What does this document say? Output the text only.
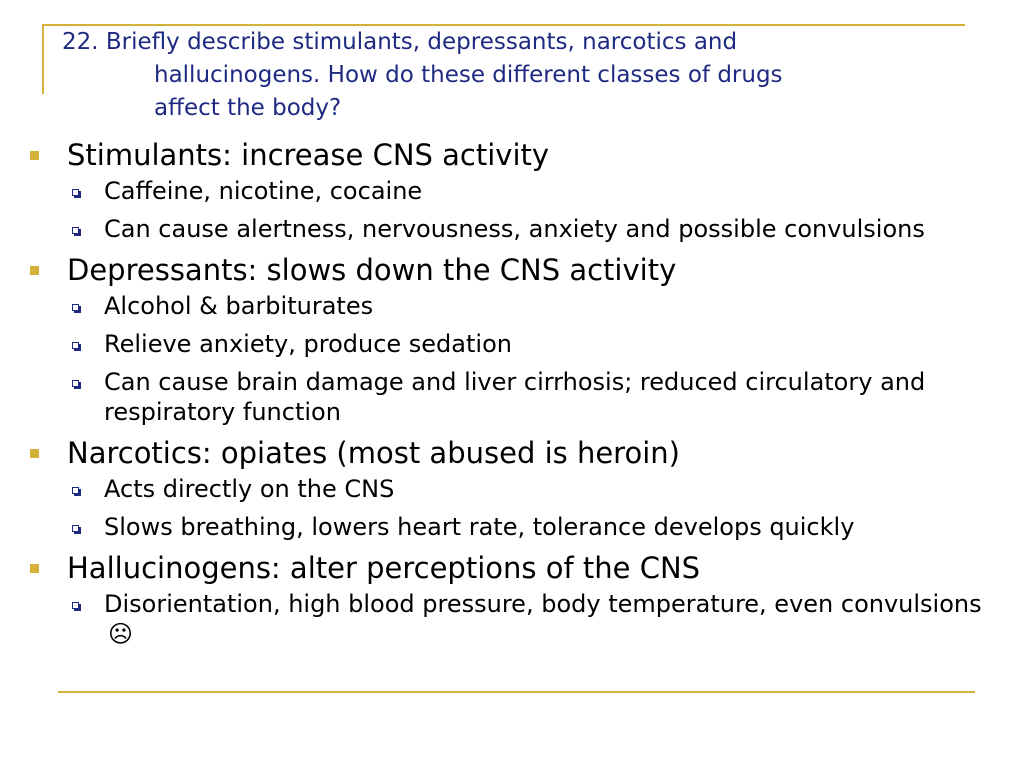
22. Briefly describe stimulants, depressants, narcotics and
hallucinogens. How do these different classes of drugs
affect the body?
Stimulants: increase CNS activity
Caffeine, nicotine, cocaine
Can cause alertness, nervousness, anxiety and possible convulsions
Depressants: slows down the CNS activity
Alcohol & barbiturates
Relieve anxiety, produce sedation
Can cause brain damage and liver cirrhosis; reduced circulatory and respiratory function
Narcotics: opiates (most abused is heroin)
Acts directly on the CNS
Slows breathing, lowers heart rate, tolerance develops quickly
Hallucinogens: alter perceptions of the CNS
Disorientation, high blood pressure, body temperature, even convulsions ☹
